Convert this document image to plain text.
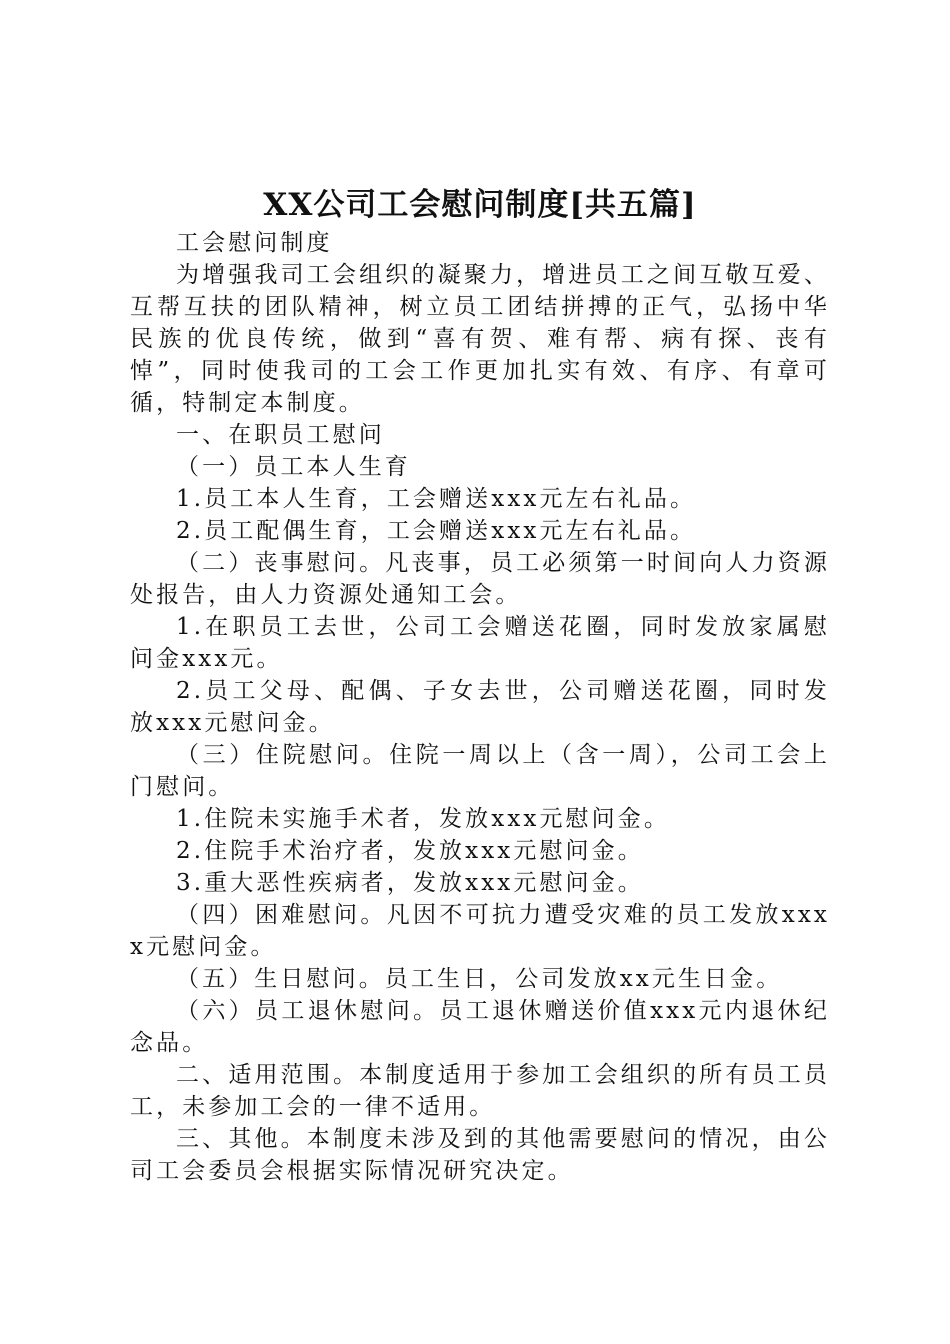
XX公司工会慰问制度[共五篇]

工会慰问制度

为增强我司工会组织的凝聚力，增进员工之间互敬互爱、互帮互扶的团队精神，树立员工团结拼搏的正气，弘扬中华民族的优良传统，做到“喜有贺、难有帮、病有探、丧有悼”，同时使我司的工会工作更加扎实有效、有序、有章可循，特制定本制度。

一、在职员工慰问

（一）员工本人生育

1.员工本人生育，工会赠送xxx元左右礼品。

2.员工配偶生育，工会赠送xxx元左右礼品。

（二）丧事慰问。凡丧事，员工必须第一时间向人力资源处报告，由人力资源处通知工会。

1.在职员工去世，公司工会赠送花圈，同时发放家属慰问金xxx元。

2.员工父母、配偶、子女去世，公司赠送花圈，同时发放xxx元慰问金。

（三）住院慰问。住院一周以上（含一周），公司工会上门慰问。

1.住院未实施手术者，发放xxx元慰问金。

2.住院手术治疗者，发放xxx元慰问金。

3.重大恶性疾病者，发放xxx元慰问金。

（四）困难慰问。凡因不可抗力遭受灾难的员工发放xxxx元慰问金。

（五）生日慰问。员工生日，公司发放xx元生日金。

（六）员工退休慰问。员工退休赠送价值xxx元内退休纪念品。

二、适用范围。本制度适用于参加工会组织的所有员工员工，未参加工会的一律不适用。

三、其他。本制度未涉及到的其他需要慰问的情况，由公司工会委员会根据实际情况研究决定。
